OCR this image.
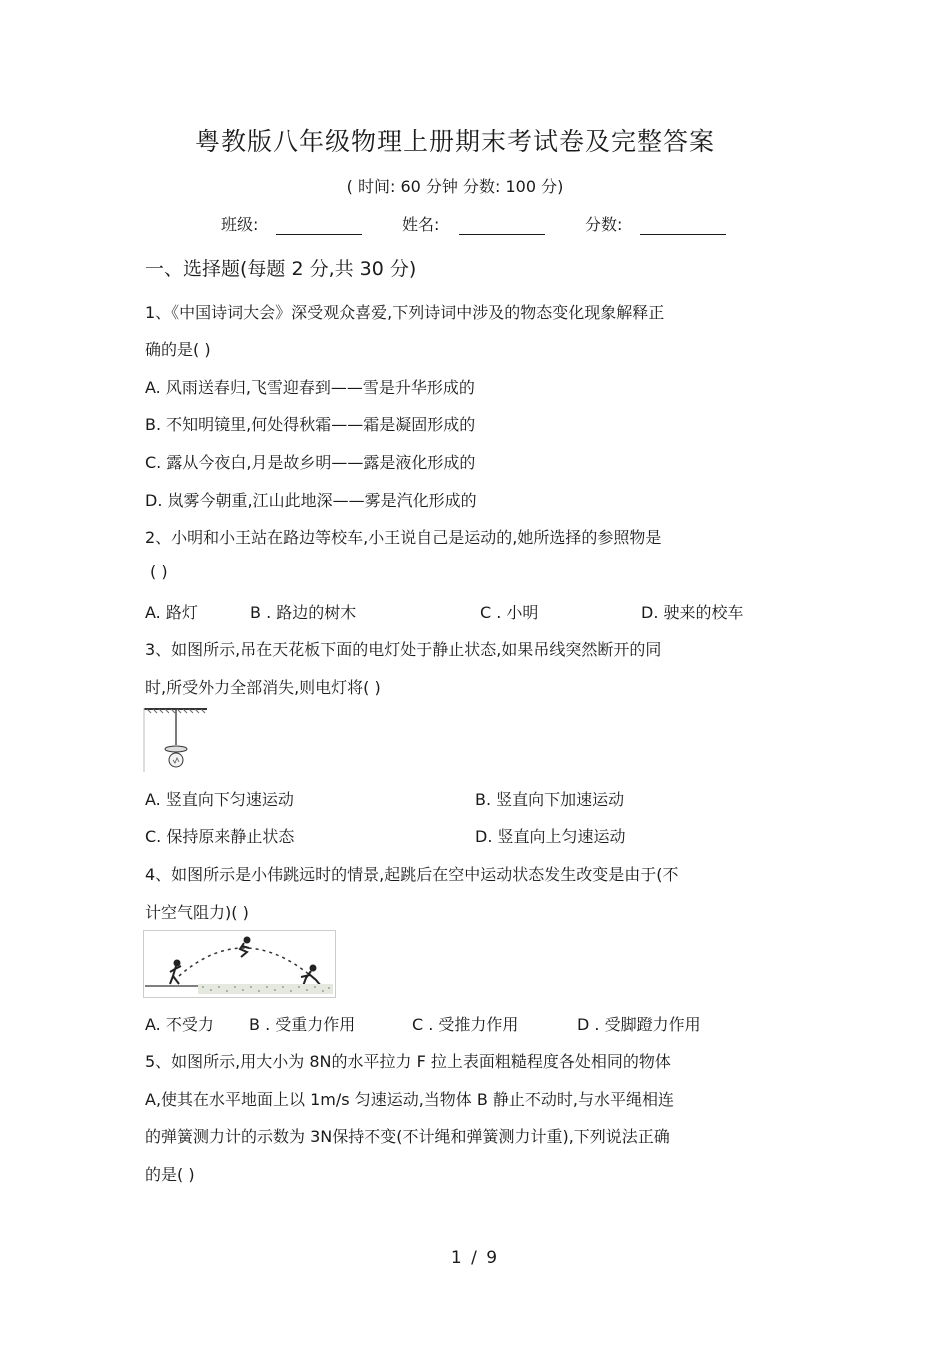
粤教版八年级物理上册期末考试卷及完整答案
( 时间: 60 分钟 分数: 100 分)
班级:	姓名:	分数:
一、选择题(每题 2 分,共 30 分)
1、《中国诗词大会》深受观众喜爱,下列诗词中涉及的物态变化现象解释正
确的是( )
A. 风雨送春归,飞雪迎春到——雪是升华形成的
B. 不知明镜里,何处得秋霜——霜是凝固形成的
C. 露从今夜白,月是故乡明——露是液化形成的
D. 岚雾今朝重,江山此地深——雾是汽化形成的
2、小明和小王站在路边等校车,小王说自己是运动的,她所选择的参照物是
( )
A. 路灯	B . 路边的树木	C . 小明	D. 驶来的校车
3、如图所示,吊在天花板下面的电灯处于静止状态,如果吊线突然断开的同
时,所受外力全部消失,则电灯将( )
A. 竖直向下匀速运动	B. 竖直向下加速运动
C. 保持原来静止状态	D. 竖直向上匀速运动
4、如图所示是小伟跳远时的情景,起跳后在空中运动状态发生改变是由于(不
计空气阻力)( )
A. 不受力 B . 受重力作用	C . 受推力作用	D . 受脚蹬力作用
5、如图所示,用大小为 8N的水平拉力 F 拉上表面粗糙程度各处相同的物体
A,使其在水平地面上以 1m/s 匀速运动,当物体 B 静止不动时,与水平绳相连
的弹簧测力计的示数为 3N保持不变(不计绳和弹簧测力计重),下列说法正确
的是( )
1 / 9
